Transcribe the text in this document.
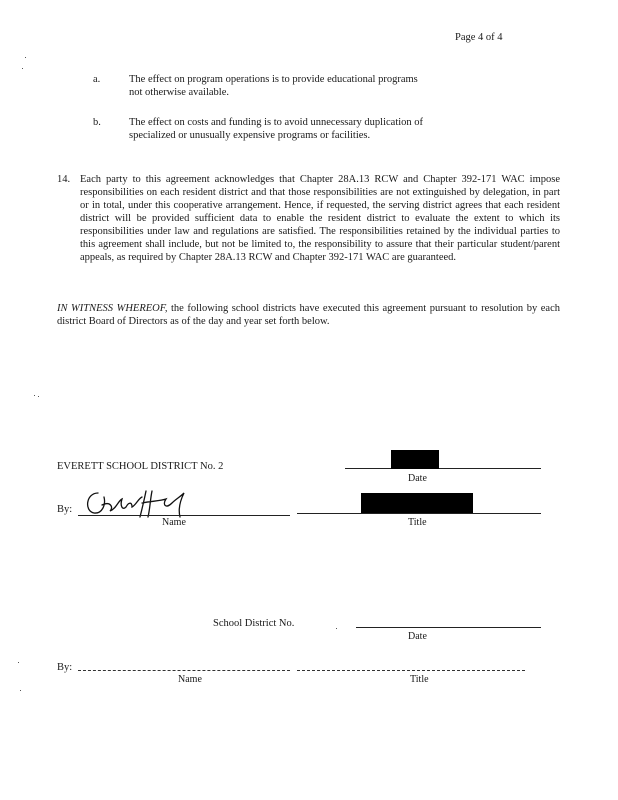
Page 4 of 4
a.	The effect on program operations is to provide educational programs not otherwise available.
b.	The effect on costs and funding is to avoid unnecessary duplication of specialized or unusually expensive programs or facilities.
14. Each party to this agreement acknowledges that Chapter 28A.13 RCW and Chapter 392-171 WAC impose responsibilities on each resident district and that those responsibilities are not extinguished by delegation, in part or in total, under this cooperative arrangement. Hence, if requested, the serving district agrees that each resident district will be provided sufficient data to enable the resident district to evaluate the extent to which its responsibilities under law and regulations are satisfied. The responsibilities retained by the individual parties to this agreement shall include, but not be limited to, the responsibility to assure that their particular student/parent appeals, as required by Chapter 28A.13 RCW and Chapter 392-171 WAC are guaranteed.
IN WITNESS WHEREOF, the following school districts have executed this agreement pursuant to resolution by each district Board of Directors as of the day and year set forth below.
EVERETT SCHOOL DISTRICT No. 2
Date
By:
Name	Title
School District No.
Date
By:
Name	Title
